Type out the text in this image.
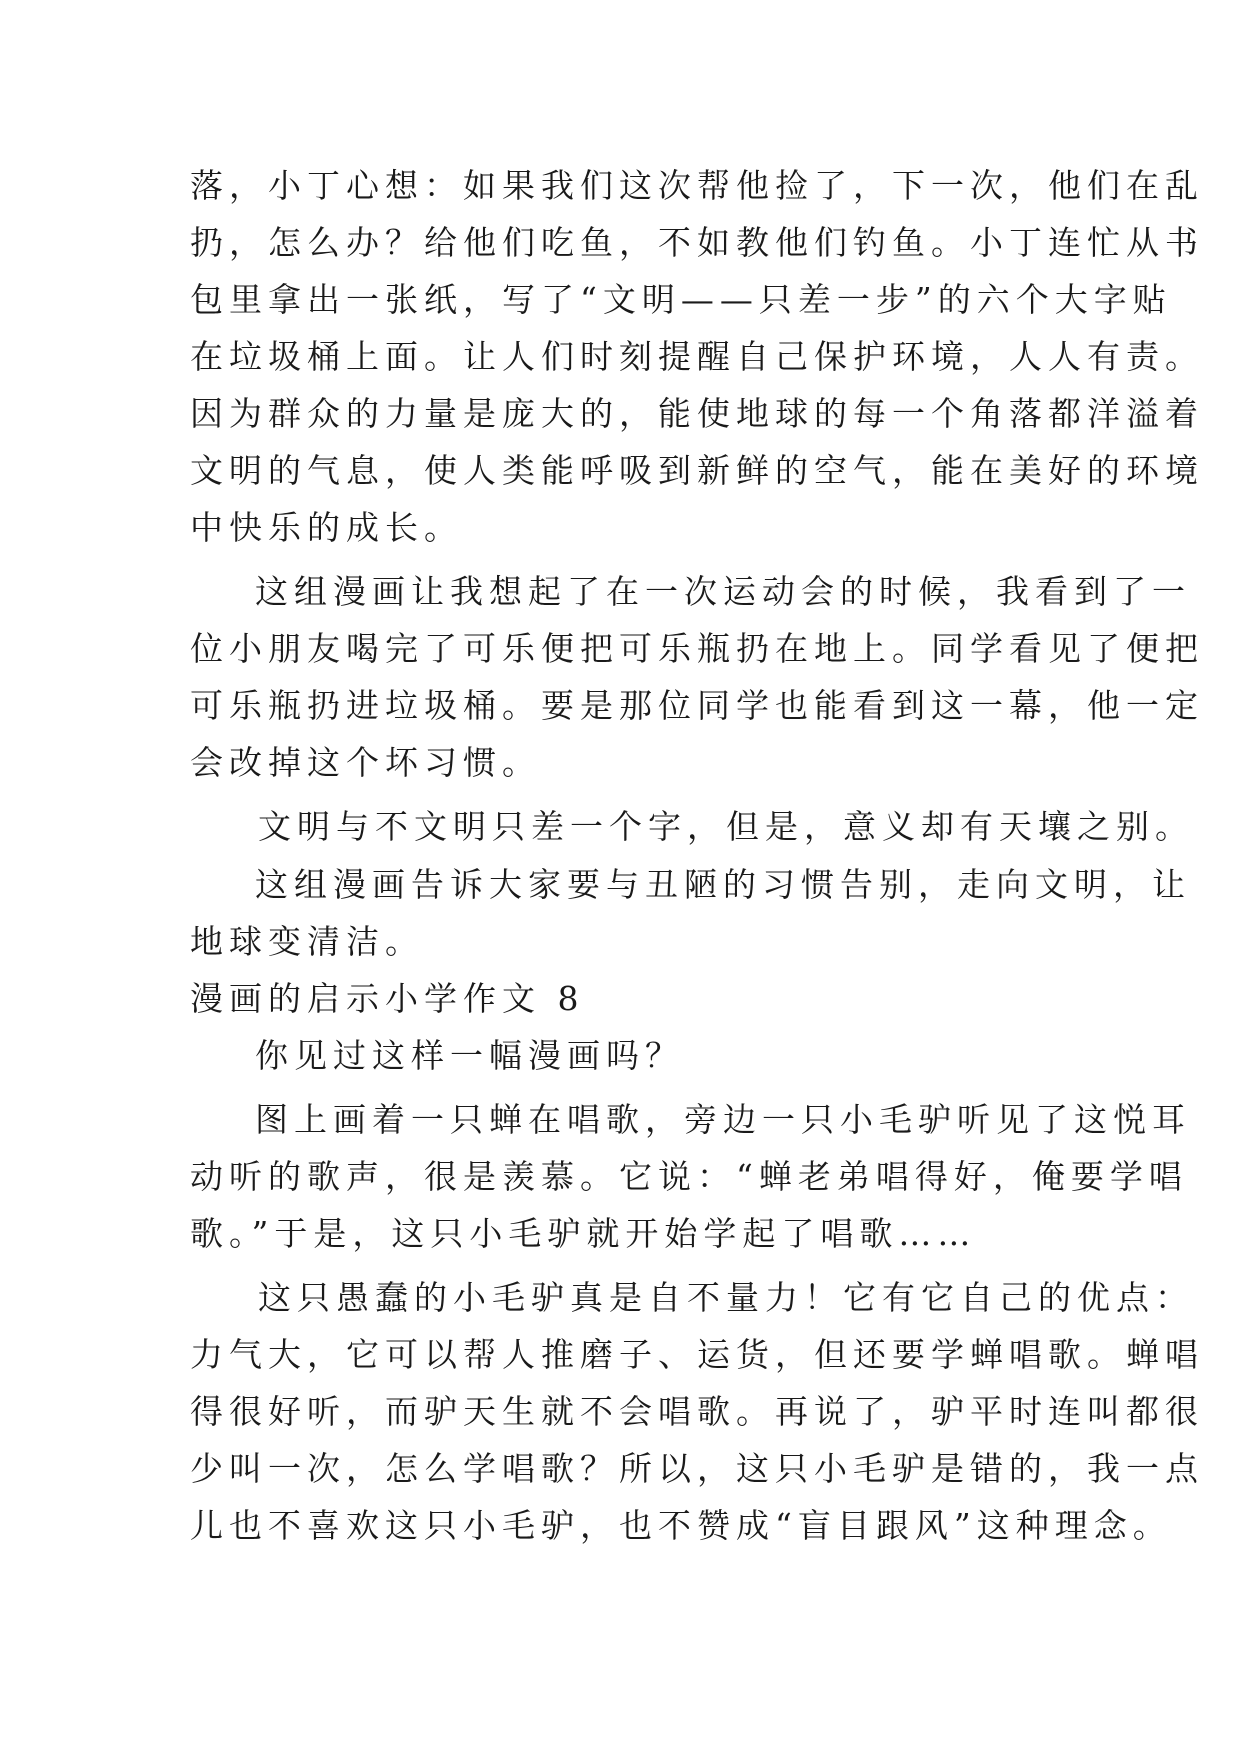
落，小丁心想：如果我们这次帮他捡了，下一次，他们在乱
扔，怎么办？给他们吃鱼，不如教他们钓鱼。小丁连忙从书
包里拿出一张纸，写了“文明——只差一步”的六个大字贴
在垃圾桶上面。让人们时刻提醒自己保护环境，人人有责。
因为群众的力量是庞大的，能使地球的每一个角落都洋溢着
文明的气息，使人类能呼吸到新鲜的空气，能在美好的环境
中快乐的成长。
这组漫画让我想起了在一次运动会的时候，我看到了一
位小朋友喝完了可乐便把可乐瓶扔在地上。同学看见了便把
可乐瓶扔进垃圾桶。要是那位同学也能看到这一幕，他一定
会改掉这个坏习惯。
文明与不文明只差一个字，但是，意义却有天壤之别。
这组漫画告诉大家要与丑陋的习惯告别，走向文明，让
地球变清洁。
漫画的启示小学作文 8
你见过这样一幅漫画吗？
图上画着一只蝉在唱歌，旁边一只小毛驴听见了这悦耳
动听的歌声，很是羡慕。它说：“蝉老弟唱得好，俺要学唱
歌。”于是，这只小毛驴就开始学起了唱歌……
这只愚蠢的小毛驴真是自不量力！它有它自己的优点：
力气大，它可以帮人推磨子、运货，但还要学蝉唱歌。蝉唱
得很好听，而驴天生就不会唱歌。再说了，驴平时连叫都很
少叫一次，怎么学唱歌？所以，这只小毛驴是错的，我一点
儿也不喜欢这只小毛驴，也不赞成“盲目跟风”这种理念。
